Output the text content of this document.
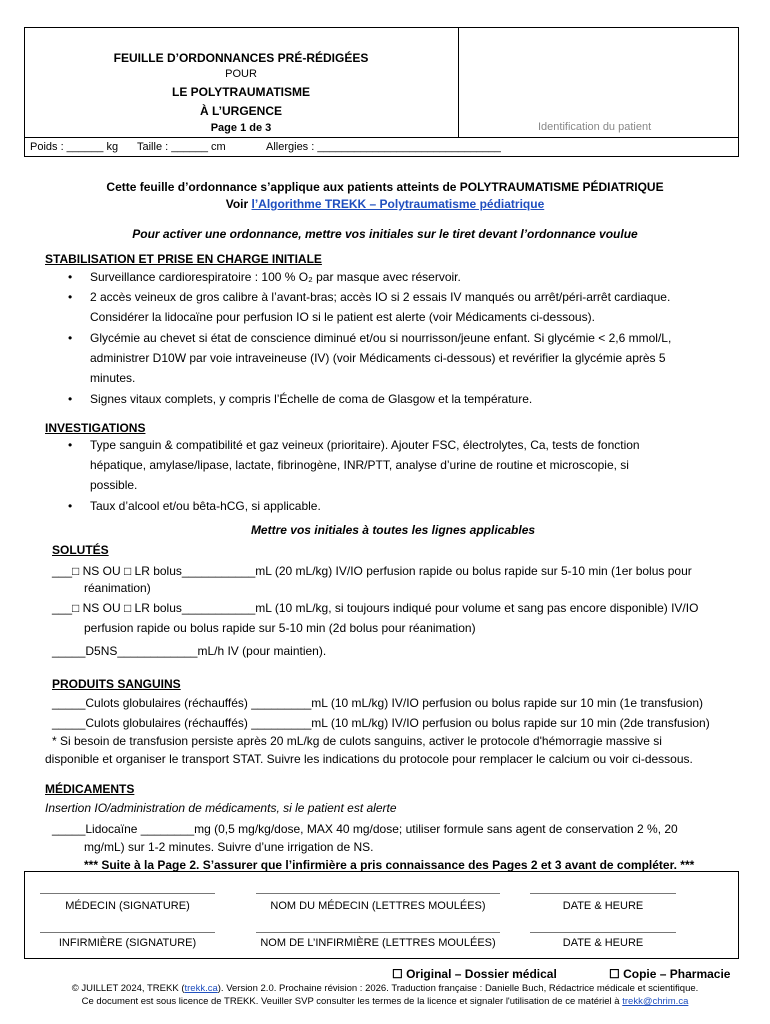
FEUILLE D’ORDONNANCES PRÉ-RÉDIGÉES
POUR
LE POLYTRAUMATISME
À L’URGENCE
Page 1 de 3	Identification du patient
Poids : ______ kg Taille : ______ cm	Allergies : ______________________________
Cette feuille d’ordonnance s’applique aux patients atteints de POLYTRAUMATISME PÉDIATRIQUE
Voir l’Algorithme TREKK – Polytraumatisme pédiatrique
Pour activer une ordonnance, mettre vos initiales sur le tiret devant l’ordonnance voulue
STABILISATION ET PRISE EN CHARGE INITIALE
• Surveillance cardiorespiratoire : 100 % O₂ par masque avec réservoir.
• 2 accès veineux de gros calibre à l’avant-bras; accès IO si 2 essais IV manqués ou arrêt/péri-arrêt cardiaque.
Considérer la lidocaïne pour perfusion IO si le patient est alerte (voir Médicaments ci-dessous).
• Glycémie au chevet si état de conscience diminué et/ou si nourrisson/jeune enfant. Si glycémie < 2,6 mmol/L,
administrer D10W par voie intraveineuse (IV) (voir Médicaments ci-dessous) et revérifier la glycémie après 5
minutes.
• Signes vitaux complets, y compris l’Échelle de coma de Glasgow et la température.
INVESTIGATIONS
• Type sanguin & compatibilité et gaz veineux (prioritaire). Ajouter FSC, électrolytes, Ca, tests de fonction
hépatique, amylase/lipase, lactate, fibrinogène, INR/PTT, analyse d’urine de routine et microscopie, si
possible.
• Taux d’alcool et/ou bêta-hCG, si applicable.
Mettre vos initiales à toutes les lignes applicables
SOLUTÉS
___□ NS OU □ LR bolus___________mL (20 mL/kg) IV/IO perfusion rapide ou bolus rapide sur 5-10 min (1er bolus pour
réanimation)
___□ NS OU □ LR bolus___________mL (10 mL/kg, si toujours indiqué pour volume et sang pas encore disponible) IV/IO
perfusion rapide ou bolus rapide sur 5-10 min (2d bolus pour réanimation)
_____D5NS____________mL/h IV (pour maintien).
PRODUITS SANGUINS
_____Culots globulaires (réchauffés) _________mL (10 mL/kg) IV/IO perfusion ou bolus rapide sur 10 min (1e transfusion)
_____Culots globulaires (réchauffés) _________mL (10 mL/kg) IV/IO perfusion ou bolus rapide sur 10 min (2de transfusion)
* Si besoin de transfusion persiste après 20 mL/kg de culots sanguins, activer le protocole d'hémorragie massive si
disponible et organiser le transport STAT. Suivre les indications du protocole pour remplacer le calcium ou voir ci-dessous.
MÉDICAMENTS
Insertion IO/administration de médicaments, si le patient est alerte
_____Lidocaïne ________mg (0,5 mg/kg/dose, MAX 40 mg/dose; utiliser formule sans agent de conservation 2 %, 20
mg/mL) sur 1-2 minutes. Suivre d’une irrigation de NS.
*** Suite à la Page 2. S’assurer que l’infirmière a pris connaissance des Pages 2 et 3 avant de compléter. ***
MÉDECIN (SIGNATURE)	NOM DU MÉDECIN (LETTRES MOULÉES)	DATE & HEURE
INFIRMIÈRE (SIGNATURE)	NOM DE L’INFIRMIÈRE (LETTRES MOULÉES)	DATE & HEURE
☐ Original – Dossier médical	☐ Copie – Pharmacie
© JUILLET 2024, TREKK (trekk.ca). Version 2.0. Prochaine révision : 2026. Traduction française : Danielle Buch, Rédactrice médicale et scientifique.
Ce document est sous licence de TREKK. Veuiller SVP consulter les termes de la licence et signaler l'utilisation de ce matériel à trekk@chrim.ca
